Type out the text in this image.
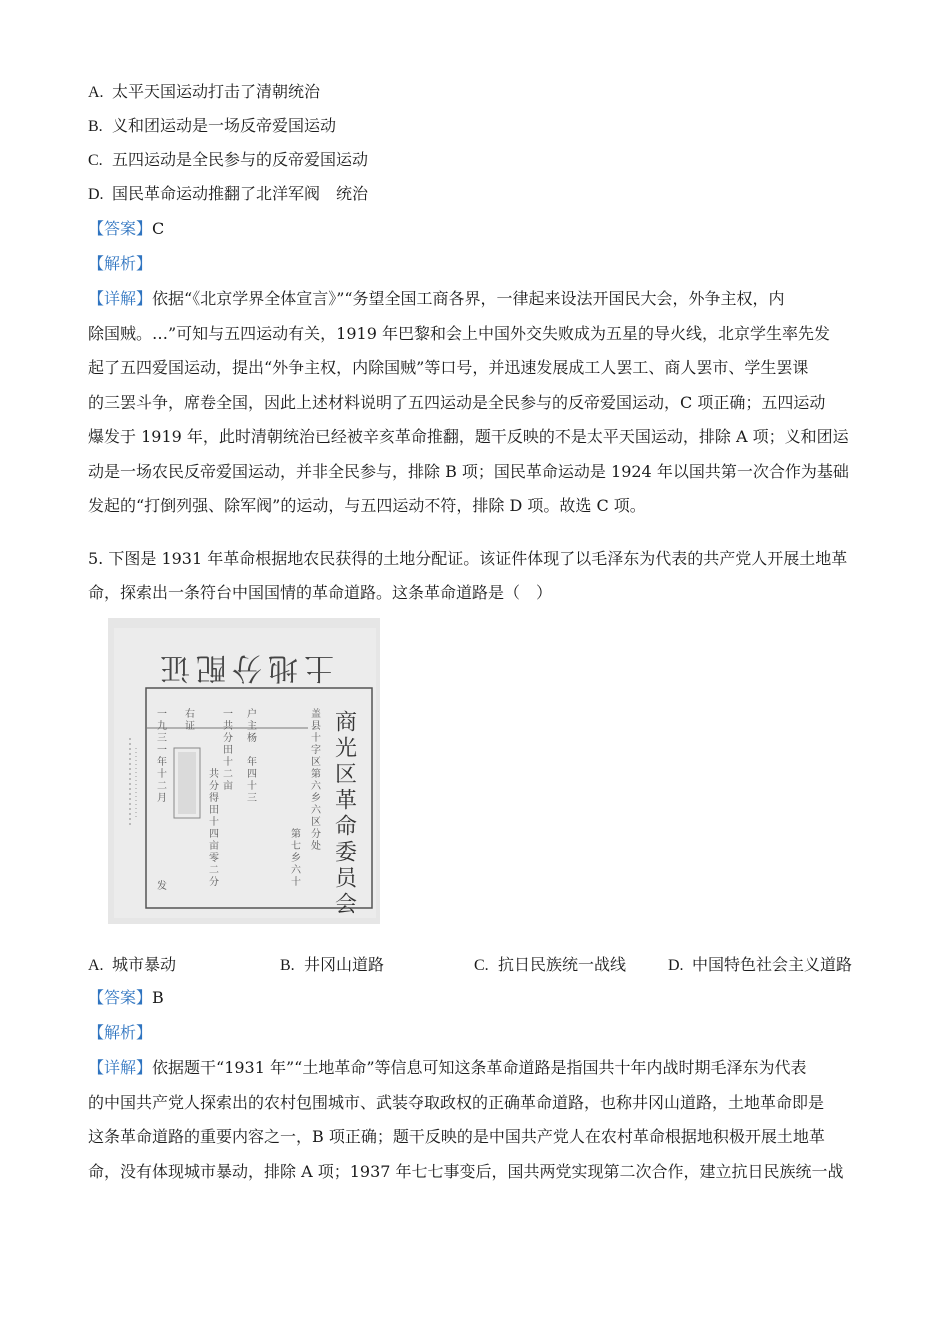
A. 太平天国运动打击了清朝统治
B. 义和团运动是一场反帝爱国运动
C. 五四运动是全民参与的反帝爱国运动
D. 国民革命运动推翻了北洋军阀　统治
【答案】C
【解析】

【详解】依据“《北京学界全体宣言》”“务望全国工商各界，一律起来设法开国民大会，外争主权，内

除国贼。…”可知与五四运动有关，1919 年巴黎和会上中国外交失败成为五星的导火线，北京学生率先发

起了五四爱国运动，提出“外争主权，内除国贼”等口号，并迅速发展成工人罢工、商人罢市、学生罢课

的三罢斗争，席卷全国，因此上述材料说明了五四运动是全民参与的反帝爱国运动，C 项正确；五四运动

爆发于 1919 年，此时清朝统治已经被辛亥革命推翻，题干反映的不是太平天国运动，排除 A 项；义和团运

动是一场农民反帝爱国运动，并非全民参与，排除 B 项；国民革命运动是 1924 年以国共第一次合作为基础

发起的“打倒列强、除军阀”的运动，与五四运动不符，排除 D 项。故选 C 项。

5. 下图是 1931 年革命根据地农民获得的土地分配证。该证件体现了以毛泽东为代表的共产党人开展土地革
命，探索出一条符台中国国情的革命道路。这条革命道路是（　）
土地分配证
商光区革命委员会
盖县十字区第六乡六区分处
第七乡六十
户主杨　年四十三
一共分田十二亩
共分得田十四亩零二分
右证
一九三一年十二月
发
A. 城市暴动	B. 井冈山道路	C. 抗日民族统一战线	D. 中国特色社会主义道路
【答案】B
【解析】

【详解】依据题干“1931 年”“土地革命”等信息可知这条革命道路是指国共十年内战时期毛泽东为代表

的中国共产党人探索出的农村包围城市、武装夺取政权的正确革命道路，也称井冈山道路，土地革命即是

这条革命道路的重要内容之一，B 项正确；题干反映的是中国共产党人在农村革命根据地积极开展土地革

命，没有体现城市暴动，排除 A 项；1937 年七七事变后，国共两党实现第二次合作，建立抗日民族统一战
